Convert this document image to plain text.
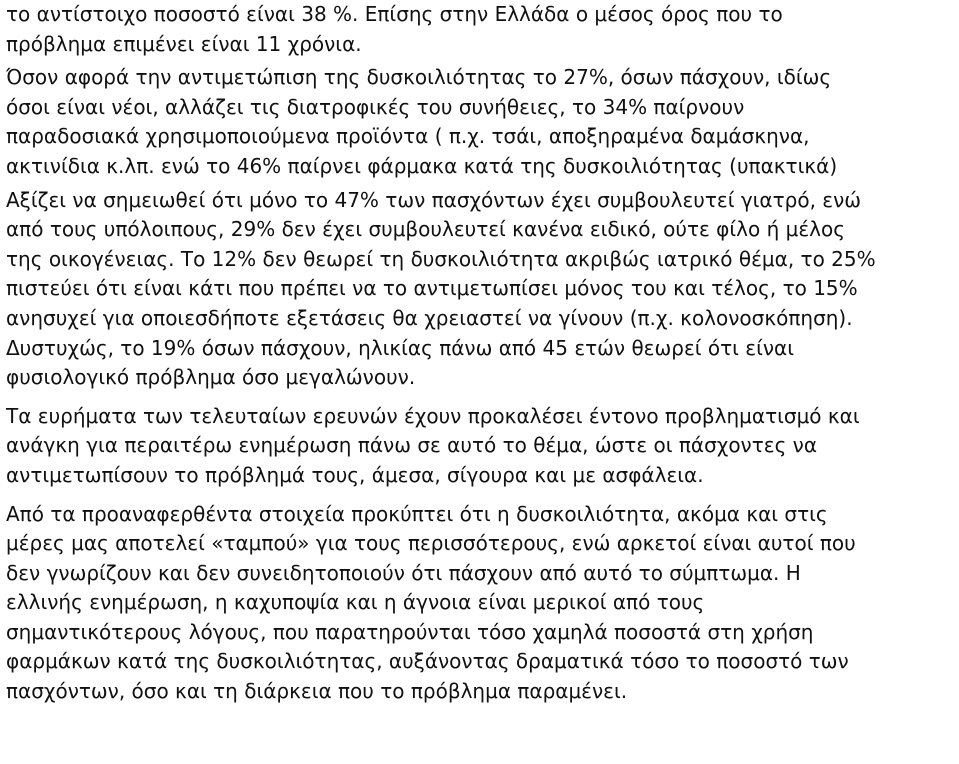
το αντίστοιχο ποσοστό είναι 38 %. Επίσης στην Ελλάδα ο μέσος όρος που το
πρόβλημα επιμένει είναι 11 χρόνια.

Όσον αφορά την αντιμετώπιση της δυσκοιλιότητας το 27%, όσων πάσχουν, ιδίως
όσοι είναι νέοι, αλλάζει τις διατροφικές του συνήθειες, το 34% παίρνουν
παραδοσιακά χρησιμοποιούμενα προϊόντα ( π.χ. τσάι, αποξηραμένα δαμάσκηνα,
ακτινίδια κ.λπ. ενώ το 46% παίρνει φάρμακα κατά της δυσκοιλιότητας (υπακτικά)

Αξίζει να σημειωθεί ότι μόνο το 47% των πασχόντων έχει συμβουλευτεί γιατρό, ενώ
από τους υπόλοιπους, 29% δεν έχει συμβουλευτεί κανένα ειδικό, ούτε φίλο ή μέλος
της οικογένειας. Το 12% δεν θεωρεί τη δυσκοιλιότητα ακριβώς ιατρικό θέμα, το 25%
πιστεύει ότι είναι κάτι που πρέπει να το αντιμετωπίσει μόνος του και τέλος, το 15%
ανησυχεί για οποιεσδήποτε εξετάσεις θα χρειαστεί να γίνουν (π.χ. κολονοσκόπηση).
Δυστυχώς, το 19% όσων πάσχουν, ηλικίας πάνω από 45 ετών θεωρεί ότι είναι
φυσιολογικό πρόβλημα όσο μεγαλώνουν.

Τα ευρήματα των τελευταίων ερευνών έχουν προκαλέσει έντονο προβληματισμό και
ανάγκη για περαιτέρω ενημέρωση πάνω σε αυτό το θέμα, ώστε οι πάσχοντες να
αντιμετωπίσουν το πρόβλημά τους, άμεσα, σίγουρα και με ασφάλεια.

Από τα προαναφερθέντα στοιχεία προκύπτει ότι η δυσκοιλιότητα, ακόμα και στις
μέρες μας αποτελεί «ταμπού» για τους περισσότερους, ενώ αρκετοί είναι αυτοί που
δεν γνωρίζουν και δεν συνειδητοποιούν ότι πάσχουν από αυτό το σύμπτωμα. Η
ελλινής ενημέρωση, η καχυποψία και η άγνοια είναι μερικοί από τους
σημαντικότερους λόγους, που παρατηρούνται τόσο χαμηλά ποσοστά στη χρήση
φαρμάκων κατά της δυσκοιλιότητας, αυξάνοντας δραματικά τόσο το ποσοστό των
πασχόντων, όσο και τη διάρκεια που το πρόβλημα παραμένει.
